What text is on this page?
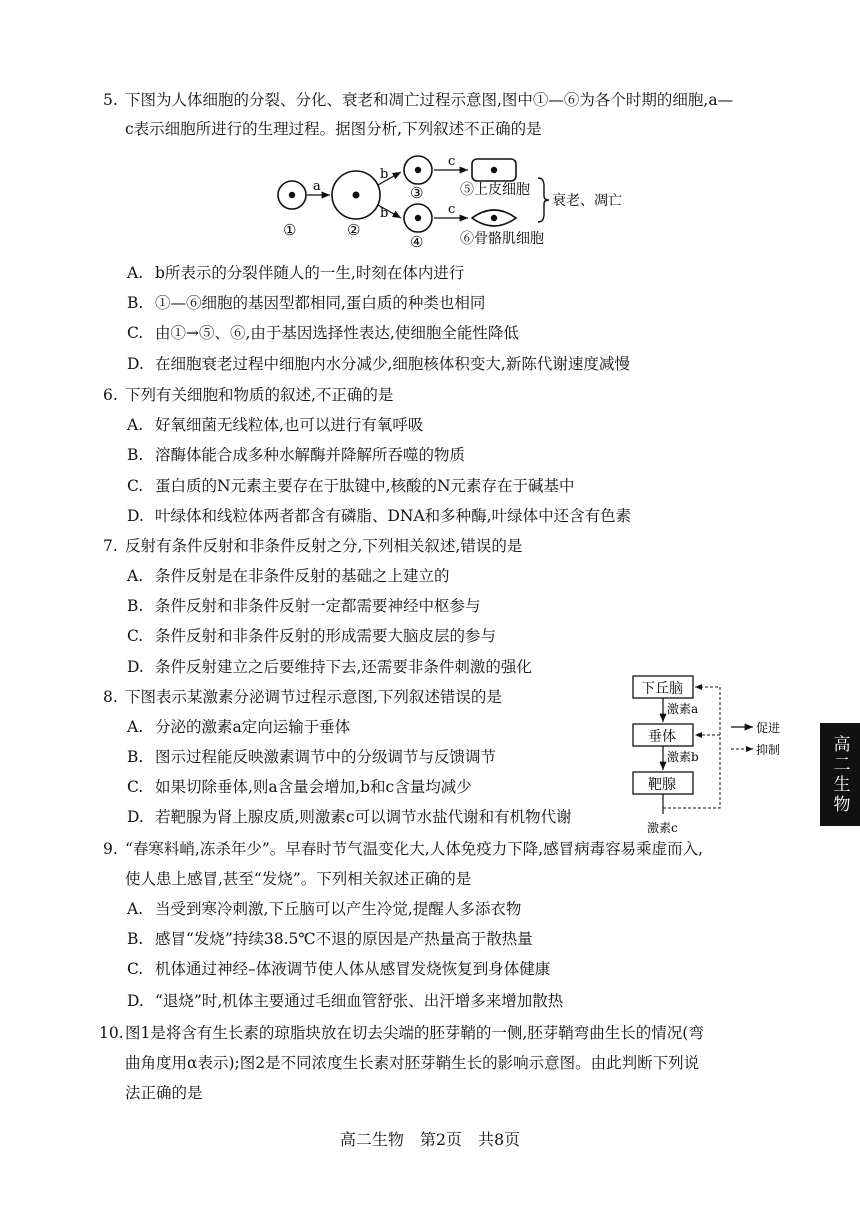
5. 下图为人体细胞的分裂、分化、衰老和凋亡过程示意图,图中①—⑥为各个时期的细胞,a—
c表示细胞所进行的生理过程。据图分析,下列叙述不正确的是
a
b
b
c
c
①	②
③
④
⑤上皮细胞
⑥骨骼肌细胞
衰老、凋亡
A. b所表示的分裂伴随人的一生,时刻在体内进行
B. ①—⑥细胞的基因型都相同,蛋白质的种类也相同
C. 由①→⑤、⑥,由于基因选择性表达,使细胞全能性降低
D. 在细胞衰老过程中细胞内水分减少,细胞核体积变大,新陈代谢速度减慢
6. 下列有关细胞和物质的叙述,不正确的是
A. 好氧细菌无线粒体,也可以进行有氧呼吸
B. 溶酶体能合成多种水解酶并降解所吞噬的物质
C. 蛋白质的N元素主要存在于肽键中,核酸的N元素存在于碱基中
D. 叶绿体和线粒体两者都含有磷脂、DNA和多种酶,叶绿体中还含有色素
7. 反射有条件反射和非条件反射之分,下列相关叙述,错误的是
A. 条件反射是在非条件反射的基础之上建立的
B. 条件反射和非条件反射一定都需要神经中枢参与
C. 条件反射和非条件反射的形成需要大脑皮层的参与
D. 条件反射建立之后要维持下去,还需要非条件刺激的强化
8. 下图表示某激素分泌调节过程示意图,下列叙述错误的是
A. 分泌的激素a定向运输于垂体
B. 图示过程能反映激素调节中的分级调节与反馈调节
C. 如果切除垂体,则a含量会增加,b和c含量均减少
D. 若靶腺为肾上腺皮质,则激素c可以调节水盐代谢和有机物代谢
下丘脑
激素a
垂体
激素b
靶腺
激素c
促进
抑制
9. “春寒料峭,冻杀年少”。早春时节气温变化大,人体免疫力下降,感冒病毒容易乘虚而入,
使人患上感冒,甚至“发烧”。下列相关叙述正确的是
A. 当受到寒冷刺激,下丘脑可以产生冷觉,提醒人多添衣物
B. 感冒“发烧”持续38.5℃不退的原因是产热量高于散热量
C. 机体通过神经–体液调节使人体从感冒发烧恢复到身体健康
D. “退烧”时,机体主要通过毛细血管舒张、出汗增多来增加散热
10. 图1是将含有生长素的琼脂块放在切去尖端的胚芽鞘的一侧,胚芽鞘弯曲生长的情况(弯
曲角度用α表示);图2是不同浓度生长素对胚芽鞘生长的影响示意图。由此判断下列说
法正确的是
高二生物　第2页　共8页
高二生物
